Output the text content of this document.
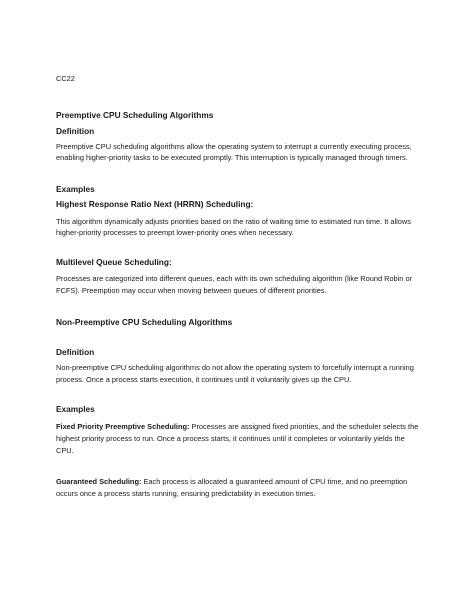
CC22

Preemptive CPU Scheduling Algorithms

Definition

Preemptive CPU scheduling algorithms allow the operating system to interrupt a currently executing process, enabling higher-priority tasks to be executed promptly. This interruption is typically managed through timers.

Examples

Highest Response Ratio Next (HRRN) Scheduling:

This algorithm dynamically adjusts priorities based on the ratio of waiting time to estimated run time. It allows higher-priority processes to preempt lower-priority ones when necessary.

Multilevel Queue Scheduling:

Processes are categorized into different queues, each with its own scheduling algorithm (like Round Robin or FCFS). Preemption may occur when moving between queues of different priorities.

Non-Preemptive CPU Scheduling Algorithms

Definition

Non-preemptive CPU scheduling algorithms do not allow the operating system to forcefully interrupt a running process. Once a process starts execution, it continues until it voluntarily gives up the CPU.

Examples

Fixed Priority Preemptive Scheduling: Processes are assigned fixed priorities, and the scheduler selects the highest priority process to run. Once a process starts, it continues until it completes or voluntarily yields the CPU.

Guaranteed Scheduling: Each process is allocated a guaranteed amount of CPU time, and no preemption occurs once a process starts running, ensuring predictability in execution times.
